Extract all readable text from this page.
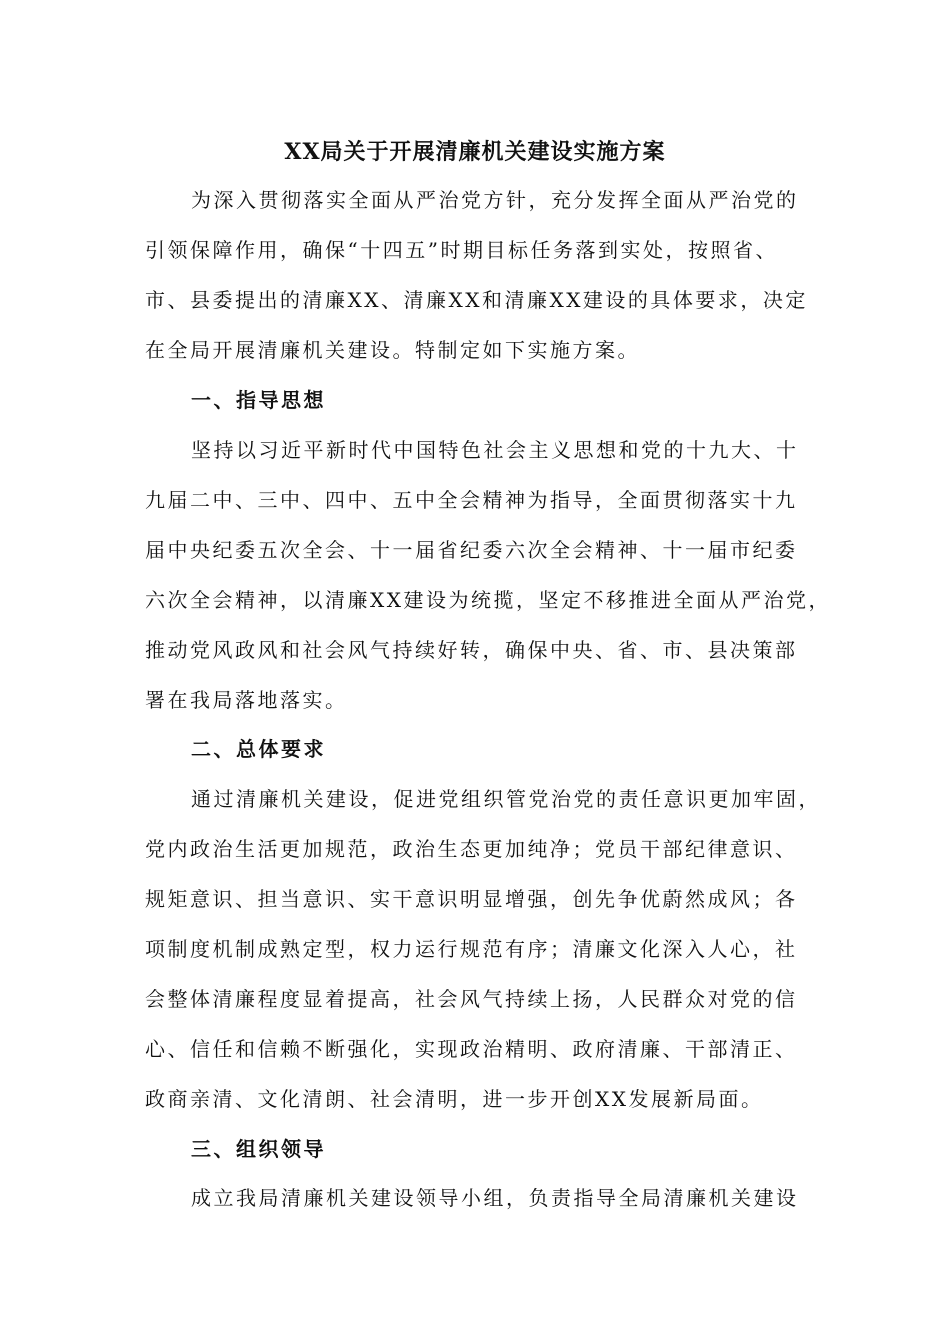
XX局关于开展清廉机关建设实施方案
为深入贯彻落实全面从严治党方针，充分发挥全面从严治党的
引领保障作用，确保“十四五”时期目标任务落到实处，按照省、
市、县委提出的清廉XX、清廉XX和清廉XX建设的具体要求，决定
在全局开展清廉机关建设。特制定如下实施方案。
一、指导思想
坚持以习近平新时代中国特色社会主义思想和党的十九大、十
九届二中、三中、四中、五中全会精神为指导，全面贯彻落实十九
届中央纪委五次全会、十一届省纪委六次全会精神、十一届市纪委
六次全会精神，以清廉XX建设为统揽，坚定不移推进全面从严治党，
推动党风政风和社会风气持续好转，确保中央、省、市、县决策部
署在我局落地落实。
二、总体要求
通过清廉机关建设，促进党组织管党治党的责任意识更加牢固，
党内政治生活更加规范，政治生态更加纯净；党员干部纪律意识、
规矩意识、担当意识、实干意识明显增强，创先争优蔚然成风；各
项制度机制成熟定型，权力运行规范有序；清廉文化深入人心，社
会整体清廉程度显着提高，社会风气持续上扬，人民群众对党的信
心、信任和信赖不断强化，实现政治精明、政府清廉、干部清正、
政商亲清、文化清朗、社会清明，进一步开创XX发展新局面。
三、组织领导
成立我局清廉机关建设领导小组，负责指导全局清廉机关建设
